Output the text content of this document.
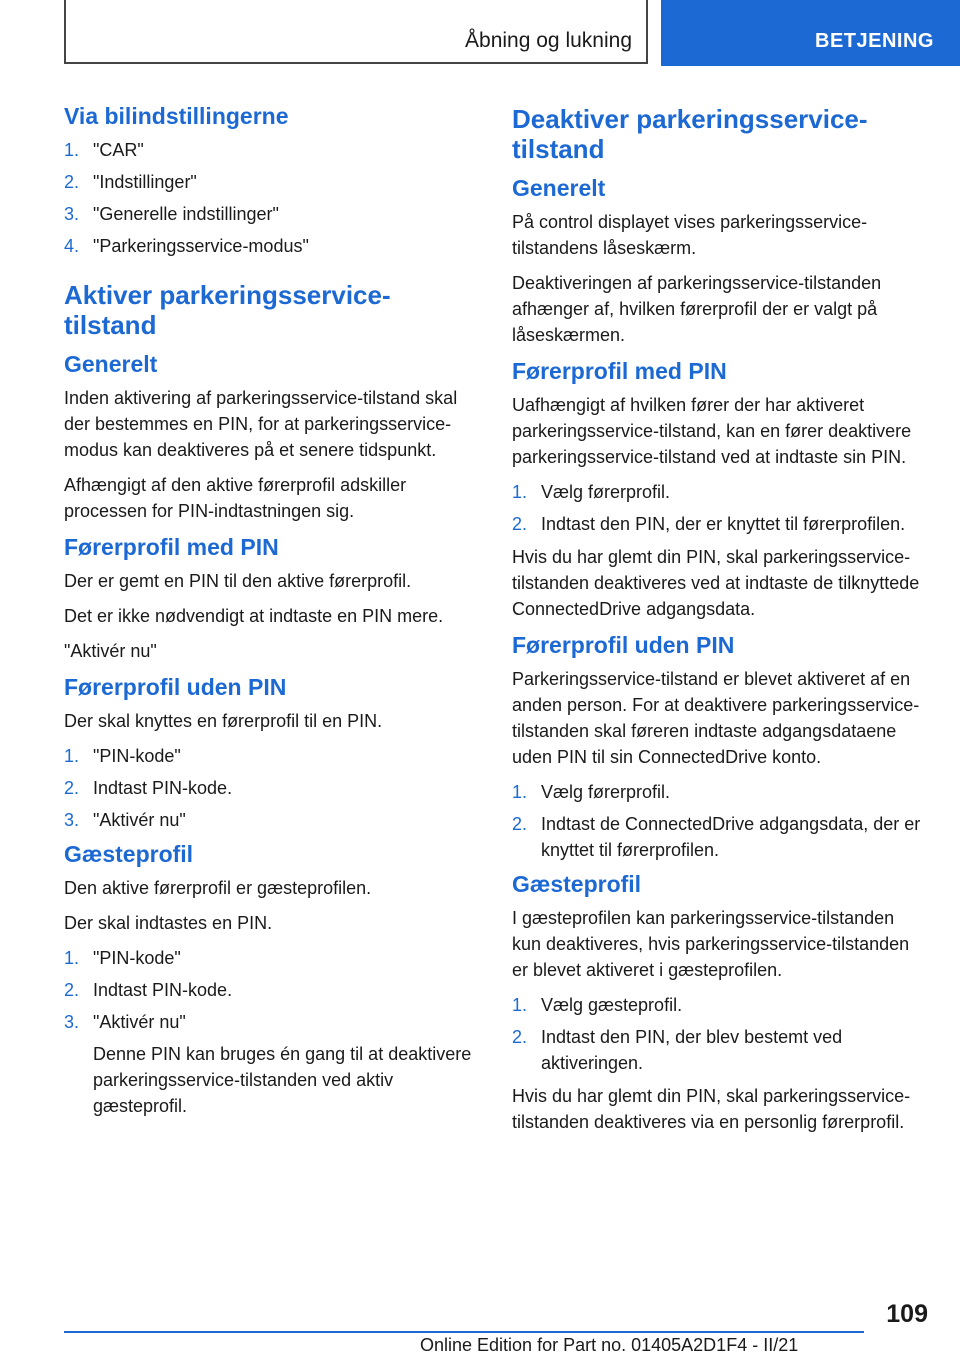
Åbning og lukning	BETJENING
Via bilindstillingerne
1. "CAR"
2. "Indstillinger"
3. "Generelle indstillinger"
4. "Parkeringsservice-modus"
Aktiver parkeringsservice-tilstand
Generelt

Inden aktivering af parkeringsservice-tilstand skal der bestemmes en PIN, for at parkeringsservice-modus kan deaktiveres på et senere tidspunkt.

Afhængigt af den aktive førerprofil adskiller processen for PIN-indtastningen sig.

Førerprofil med PIN

Der er gemt en PIN til den aktive førerprofil.

Det er ikke nødvendigt at indtaste en PIN mere.

"Aktivér nu"

Førerprofil uden PIN

Der skal knyttes en førerprofil til en PIN.

1. "PIN-kode"
2. Indtast PIN-kode.
3. "Aktivér nu"
Gæsteprofil

Den aktive førerprofil er gæsteprofilen.

Der skal indtastes en PIN.

1. "PIN-kode"
2. Indtast PIN-kode.
3. "Aktivér nu"
Denne PIN kan bruges én gang til at deaktivere parkeringsservice-tilstanden ved aktiv gæsteprofil.
Deaktiver parkeringsservice-tilstand
Generelt

På control displayet vises parkeringsservice-tilstandens låseskærm.

Deaktiveringen af parkeringsservice-tilstanden afhænger af, hvilken førerprofil der er valgt på låseskærmen.

Førerprofil med PIN

Uafhængigt af hvilken fører der har aktiveret parkeringsservice-tilstand, kan en fører deaktivere parkeringsservice-tilstand ved at indtaste sin PIN.

1. Vælg førerprofil.
2. Indtast den PIN, der er knyttet til førerprofilen.

Hvis du har glemt din PIN, skal parkeringsservice-tilstanden deaktiveres ved at indtaste de tilknyttede ConnectedDrive adgangsdata.

Førerprofil uden PIN

Parkeringsservice-tilstand er blevet aktiveret af en anden person. For at deaktivere parkeringsservice-tilstanden skal føreren indtaste adgangsdataene uden PIN til sin ConnectedDrive konto.

1. Vælg førerprofil.
2. Indtast de ConnectedDrive adgangsdata, der er knyttet til førerprofilen.
Gæsteprofil

I gæsteprofilen kan parkeringsservice-tilstanden kun deaktiveres, hvis parkeringsservice-tilstanden er blevet aktiveret i gæsteprofilen.

1. Vælg gæsteprofil.
2. Indtast den PIN, der blev bestemt ved aktiveringen.

Hvis du har glemt din PIN, skal parkeringsservice-tilstanden deaktiveres via en personlig førerprofil.

109
Online Edition for Part no. 01405A2D1F4 - II/21
